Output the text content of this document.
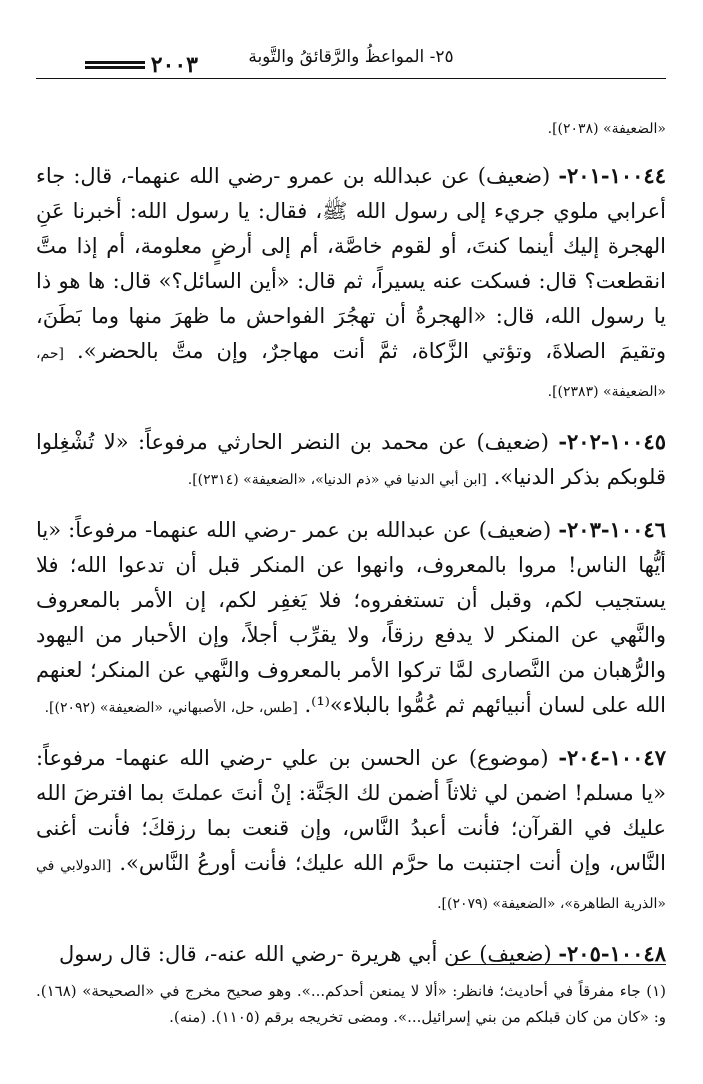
٢٥- المواعظُ والرَّقائقُ والتَّوبة
٢٠٠٣

«الضعيفة» (٢٠٣٨)].

١٠٠٤٤-٢٠١- (ضعيف) عن عبدالله بن عمرو -رضي الله عنهما-، قال: جاء أعرابي ملوي جريء إلى رسول الله ﷺ، فقال: يا رسول الله: أخبرنا عَنِ الهجرة إليك أينما كنتَ، أو لقوم خاصَّة، أم إلى أرضٍ معلومة، أم إذا متَّ انقطعت؟ قال: فسكت عنه يسيراً، ثم قال: «أين السائل؟» قال: ها هو ذا يا رسول الله، قال: «الهجرةُ أن تهجُرَ الفواحش ما ظهرَ منها وما بَطَنَ، وتقيمَ الصلاةَ، وتؤتي الزَّكاة، ثمَّ أنت مهاجرٌ، وإن متَّ بالحضر». [حم، «الضعيفة» (٢٣٨٣)].

١٠٠٤٥-٢٠٢- (ضعيف) عن محمد بن النضر الحارثي مرفوعاً: «لا تُشْغِلوا قلوبكم بذكر الدنيا». [ابن أبي الدنيا في «ذم الدنيا»، «الضعيفة» (٢٣١٤)].

١٠٠٤٦-٢٠٣- (ضعيف) عن عبدالله بن عمر -رضي الله عنهما- مرفوعاً: «يا أيُّها الناس! مروا بالمعروف، وانهوا عن المنكر قبل أن تدعوا الله؛ فلا يستجيب لكم، وقبل أن تستغفروه؛ فلا يَغفِر لكم، إن الأمر بالمعروف والنَّهي عن المنكر لا يدفع رزقاً، ولا يقرِّب أجلاً، وإن الأحبار من اليهود والرُّهبان من النَّصارى لمَّا تركوا الأمر بالمعروف والنَّهي عن المنكر؛ لعنهم الله على لسان أنبيائهم ثم عُمُّوا بالبلاء»⁽¹⁾. [طس، حل، الأصبهاني، «الضعيفة» (٢٠٩٢)].

١٠٠٤٧-٢٠٤- (موضوع) عن الحسن بن علي -رضي الله عنهما- مرفوعاً: «يا مسلم! اضمن لي ثلاثاً أضمن لك الجَنَّة: إنْ أنتَ عملتَ بما افترضَ الله عليك في القرآن؛ فأنت أعبدُ النَّاس، وإن قنعت بما رزقكَ؛ فأنت أغنى النَّاس، وإن أنت اجتنبت ما حرَّم الله عليك؛ فأنت أورعُ النَّاس». [الدولابي في «الذرية الطاهرة»، «الضعيفة» (٢٠٧٩)].

١٠٠٤٨-٢٠٥- (ضعيف) عن أبي هريرة -رضي الله عنه-، قال: قال رسول

(١) جاء مفرقاً في أحاديث؛ فانظر: «ألا لا يمنعن أحدكم...». وهو صحيح مخرج في «الصحيحة» (١٦٨). و: «كان من كان قبلكم من بني إسرائيل...». ومضى تخريجه برقم (١١٠٥). (منه).
